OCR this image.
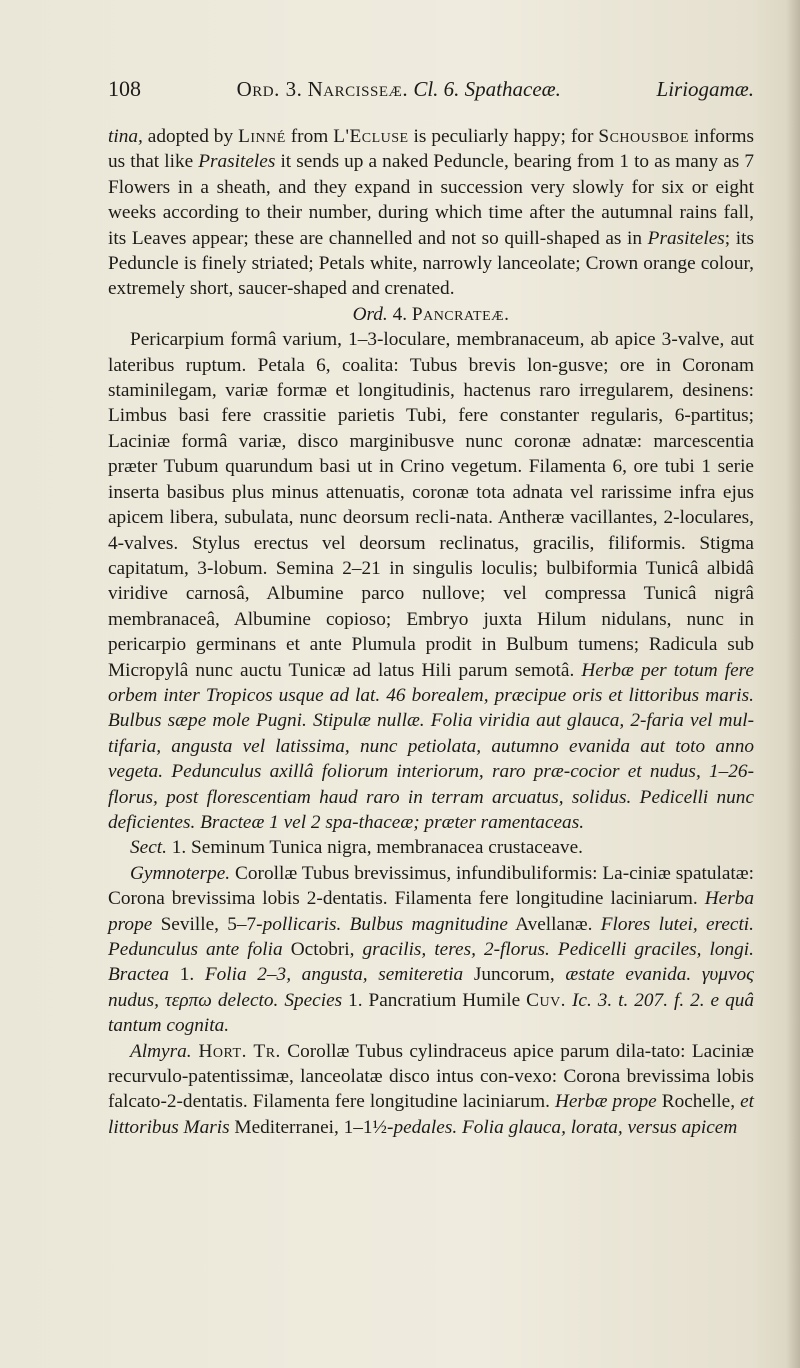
108	Ord. 3. Narcisseæ. Cl. 6. Spathaceæ.	Liriogamæ.

tina, adopted by Linné from L'Ecluse is peculiarly happy; for Schousboe informs us that like Prasiteles it sends up a naked Peduncle, bearing from 1 to as many as 7 Flowers in a sheath, and they expand in succession very slowly for six or eight weeks according to their number, during which time after the autumnal rains fall, its Leaves appear; these are channelled and not so quill-shaped as in Prasiteles; its Peduncle is finely striated; Petals white, narrowly lanceolate; Crown orange colour, extremely short, saucer-shaped and crenated.

Ord. 4. Pancrateæ.

Pericarpium formâ varium, 1–3-loculare, membranaceum, ab apice 3-valve, aut lateribus ruptum. Petala 6, coalita: Tubus brevis lon-gusve; ore in Coronam staminilegam, variæ formæ et longitudinis, hactenus raro irregularem, desinens: Limbus basi fere crassitie parietis Tubi, fere constanter regularis, 6-partitus; Laciniæ formâ variæ, disco marginibusve nunc coronæ adnatæ: marcescentia præter Tubum quarundum basi ut in Crino vegetum. Filamenta 6, ore tubi 1 serie inserta basibus plus minus attenuatis, coronæ tota adnata vel rarissime infra ejus apicem libera, subulata, nunc deorsum recli-nata. Antheræ vacillantes, 2-loculares, 4-valves. Stylus erectus vel deorsum reclinatus, gracilis, filiformis. Stigma capitatum, 3-lobum. Semina 2–21 in singulis loculis; bulbiformia Tunicâ albidâ viridive carnosâ, Albumine parco nullove; vel compressa Tunicâ nigrâ membranaceâ, Albumine copioso; Embryo juxta Hilum nidulans, nunc in pericarpio germinans et ante Plumula prodit in Bulbum tumens; Radicula sub Micropylâ nunc auctu Tunicæ ad latus Hili parum semotâ. Herbæ per totum fere orbem inter Tropicos usque ad lat. 46 borealem, præcipue oris et littoribus maris. Bulbus sæpe mole Pugni. Stipulæ nullæ. Folia viridia aut glauca, 2-faria vel mul-tifaria, angusta vel latissima, nunc petiolata, autumno evanida aut toto anno vegeta. Pedunculus axillâ foliorum interiorum, raro præ-cocior et nudus, 1–26-florus, post florescentiam haud raro in terram arcuatus, solidus. Pedicelli nunc deficientes. Bracteæ 1 vel 2 spa-thaceæ; præter ramentaceas.

Sect. 1. Seminum Tunica nigra, membranacea crustaceave.

Gymnoterpe. Corollæ Tubus brevissimus, infundibuliformis: La-ciniæ spatulatæ: Corona brevissima lobis 2-dentatis. Filamenta fere longitudine laciniarum. Herba prope Seville, 5–7-pollicaris. Bulbus magnitudine Avellanæ. Flores lutei, erecti. Pedunculus ante folia Octobri, gracilis, teres, 2-florus. Pedicelli graciles, longi. Bractea 1. Folia 2–3, angusta, semiteretia Juncorum, æstate evanida. γυμνος nudus, τερπω delecto. Species 1. Pancratium Humile Cuv. Ic. 3. t. 207. f. 2. e quâ tantum cognita.

Almyra. Hort. Tr. Corollæ Tubus cylindraceus apice parum dila-tato: Laciniæ recurvulo-patentissimæ, lanceolatæ disco intus con-vexo: Corona brevissima lobis falcato-2-dentatis. Filamenta fere longitudine laciniarum. Herbæ prope Rochelle, et littoribus Maris Mediterranei, 1–1½-pedales. Folia glauca, lorata, versus apicem
